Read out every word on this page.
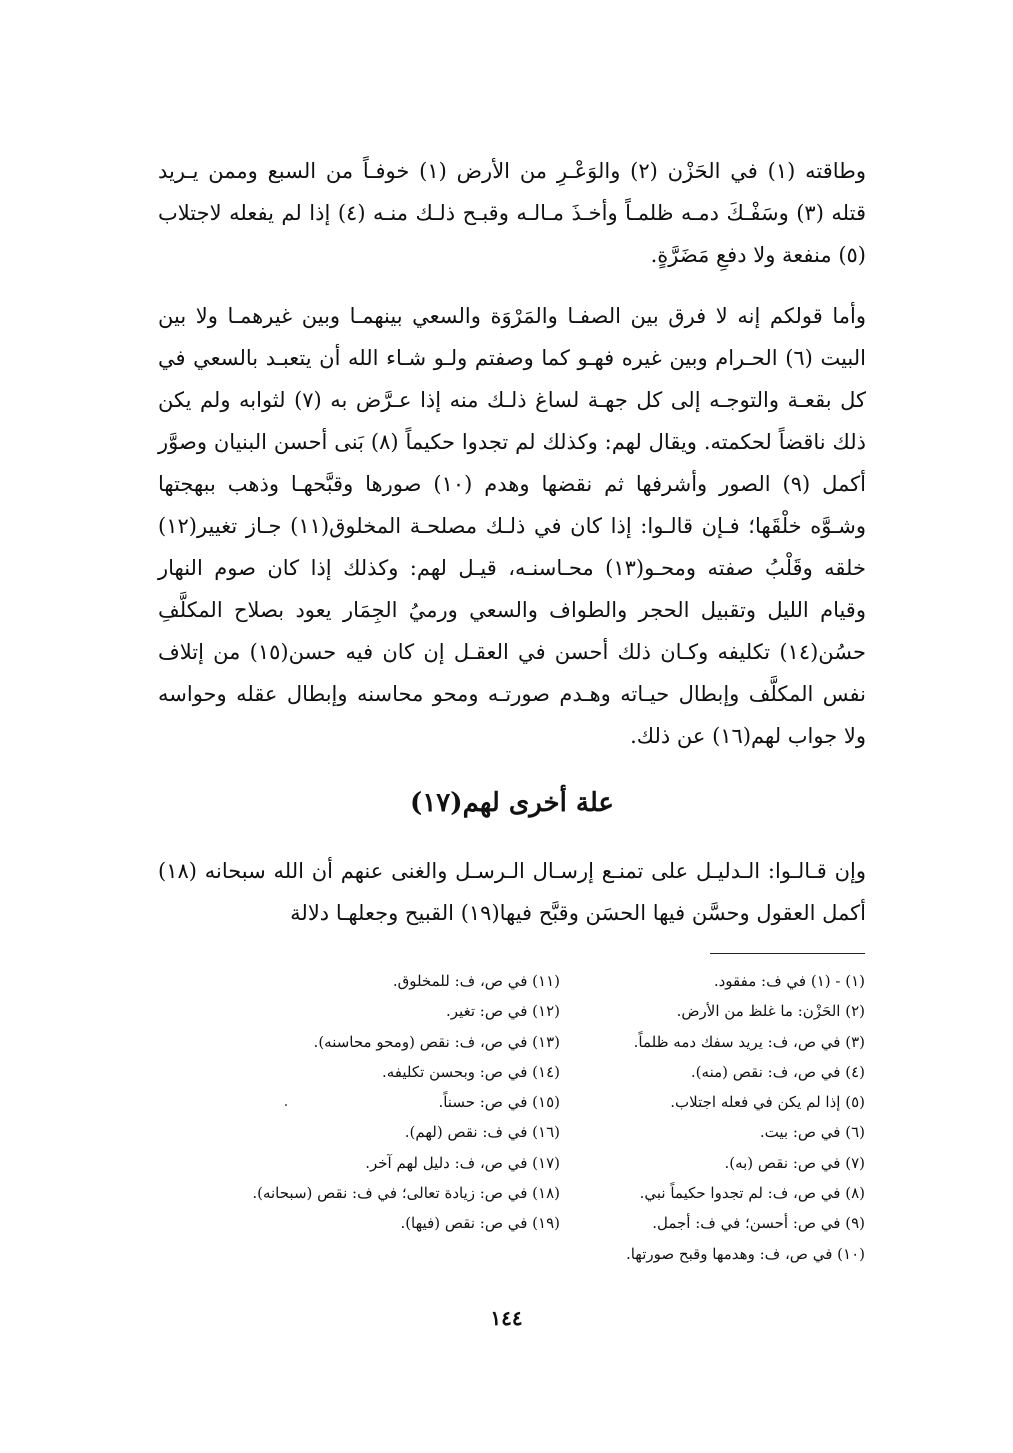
وطاقته (١) في الحَزْن (٢) والوَعْـرِ من الأرض (١) خوفـاً من السبع وممن يـريد قتله (٣) وسَفْـكَ دمـه ظلمـاً وأخـذَ مـالـه وقبـح ذلـك منـه (٤) إذا لم يفعله لاجتلاب (٥) منفعة ولا دفعِ مَضَرَّةٍ.

وأما قولكم إنه لا فرق بين الصفـا والمَرْوَة والسعي بينهمـا وبين غيرهمـا ولا بين البيت (٦) الحـرام وبين غيره فهـو كما وصفتم ولـو شـاء الله أن يتعبـد بالسعي في كل بقعـة والتوجـه إلى كل جهـة لساغ ذلـك منه إذا عـرَّض به (٧) لثوابه ولم يكن ذلك ناقضاً لحكمته. ويقال لهم: وكذلك لم تجدوا حكيماً (٨) بَنى أحسن البنيان وصوَّر أكمل (٩) الصور وأشرفها ثم نقضها وهدم (١٠) صورها وقبَّحهـا وذهب ببهجتها وشـوَّه خلْقَها؛ فـإن قالـوا: إذا كان في ذلـك مصلحـة المخلوق(١١) جـاز تغيير(١٢) خلقه وقَلْبُ صفته ومحـو(١٣) محـاسنـه، قيـل لهم: وكذلك إذا كان صوم النهار وقيام الليل وتقبيل الحجر والطواف والسعي ورميُ الجِمَار يعود بصلاح المكلَّفِ حسُن(١٤) تكليفه وكـان ذلك أحسن في العقـل إن كان فيه حسن(١٥) من إتلاف نفس المكلَّف وإبطال حيـاته وهـدم صورتـه ومحو محاسنه وإبطال عقله وحواسه ولا جواب لهم(١٦) عن ذلك.

علة أخرى لهم(١٧)

وإن قـالـوا: الـدليـل على تمنـع إرسـال الـرسـل والغنى عنهم أن الله سبحانه (١٨) أكمل العقول وحسَّن فيها الحسَن وقبَّح فيها(١٩) القبيح وجعلهـا دلالة

(١) - (١) في ف: مفقود.
(٢) الحَزْن: ما غلظ من الأرض.
(٣) في ص، ف: يريد سفك دمه ظلماً.
(٤) في ص، ف: نقص (منه).
(٥) إذا لم يكن في فعله اجتلاب.
(٦) في ص: بيت.
(٧) في ص: نقص (به).
(٨) في ص، ف: لم تجدوا حكيماً نبي.
(٩) في ص: أحسن؛ في ف: أجمل.
(١٠) في ص، ف: وهدمها وقبح صورتها.
(١١) في ص، ف: للمخلوق.
(١٢) في ص: تغير.
(١٣) في ص، ف: نقص (ومحو محاسنه).
(١٤) في ص: وبحسن تكليفه.
(١٥) في ص: حسناً.
(١٦) في ف: نقص (لهم).
(١٧) في ص، ف: دليل لهم آخر.
(١٨) في ص: زيادة تعالى؛ في ف: نقص (سبحانه).
(١٩) في ص: نقص (فيها).
١٤٤
